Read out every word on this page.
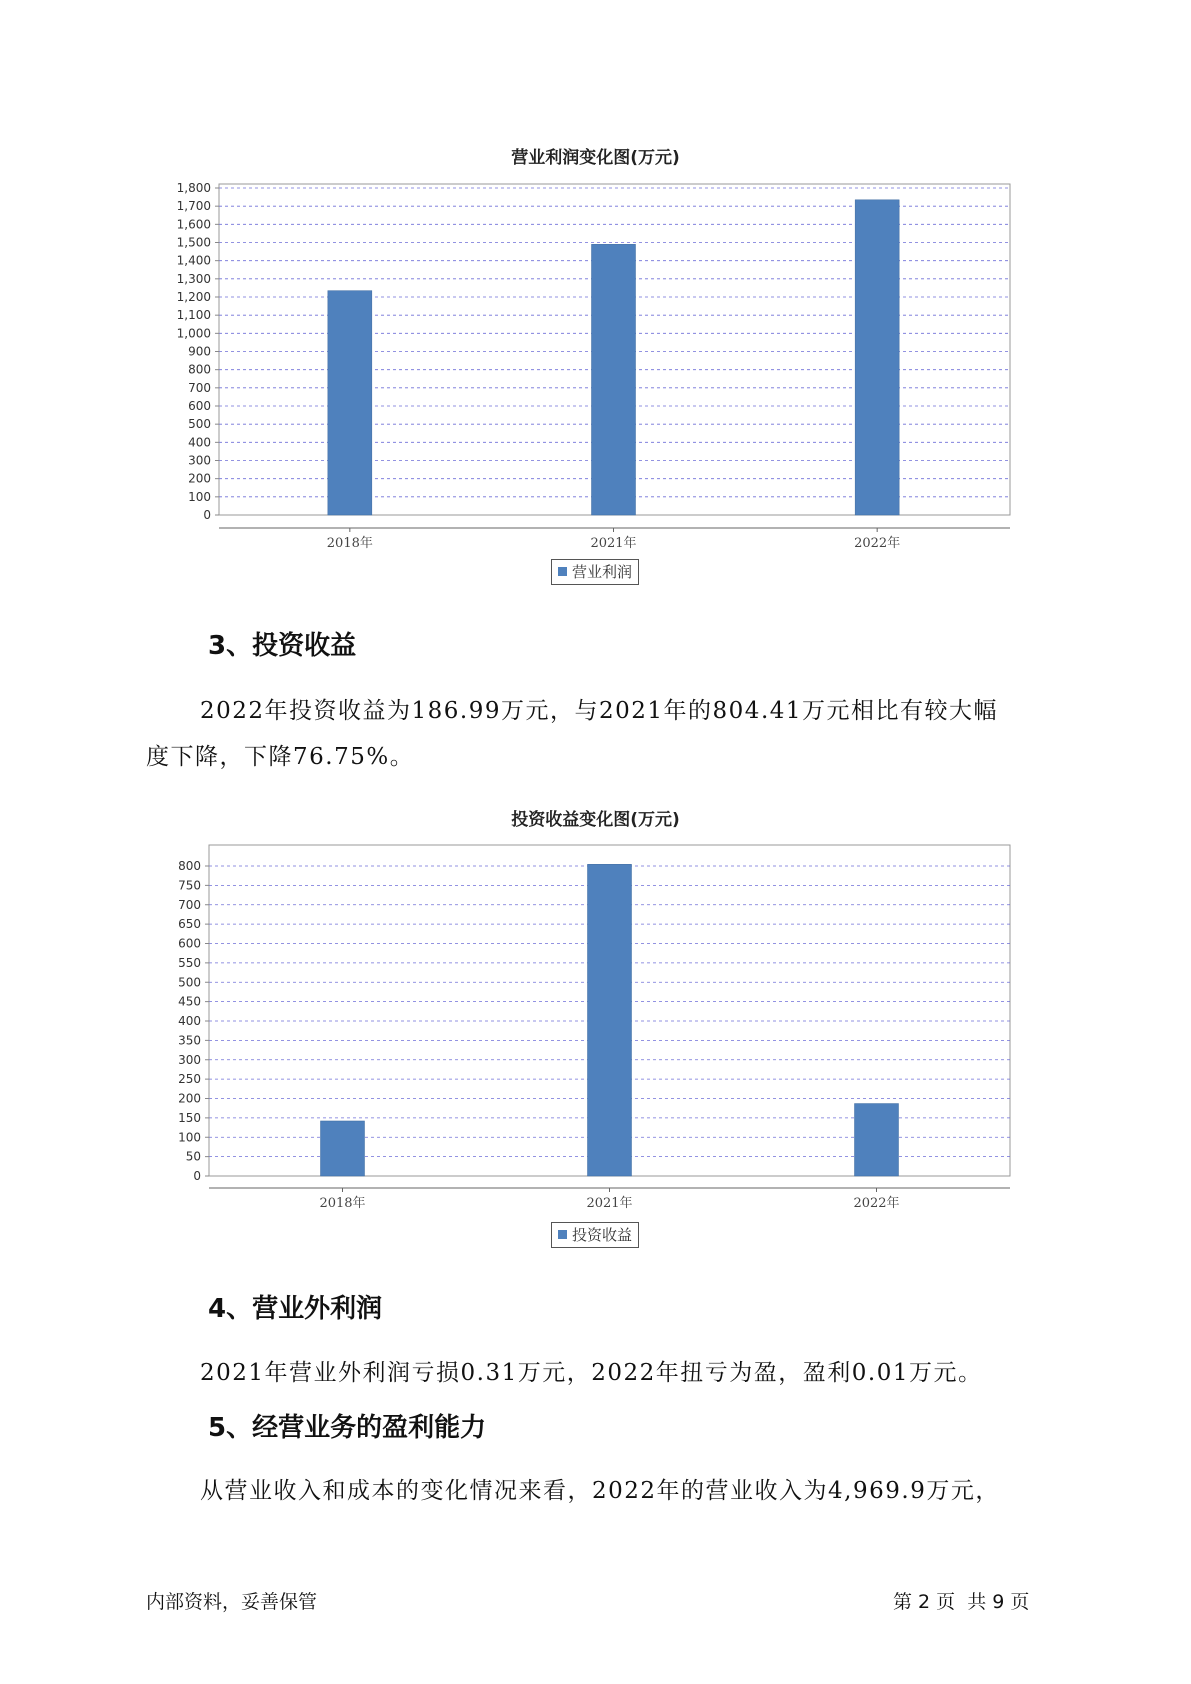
营业利润变化图(万元)
0
100
200
300
400
500
600
700
800
900
1,000
1,100
1,200
1,300
1,400
1,500
1,600
1,700
1,800
2018年	2021年	2022年
营业利润
3、投资收益
2022年投资收益为186.99万元，与2021年的804.41万元相比有较大幅
度下降，下降76.75%。
投资收益变化图(万元)
0
50
100
150
200
250
300
350
400
450
500
550
600
650
700
750
800
2018年	2021年	2022年
投资收益
4、营业外利润
2021年营业外利润亏损0.31万元，2022年扭亏为盈，盈利0.01万元。
5、经营业务的盈利能力
从营业收入和成本的变化情况来看，2022年的营业收入为4,969.9万元，
内部资料，妥善保管	第 2 页  共 9 页
